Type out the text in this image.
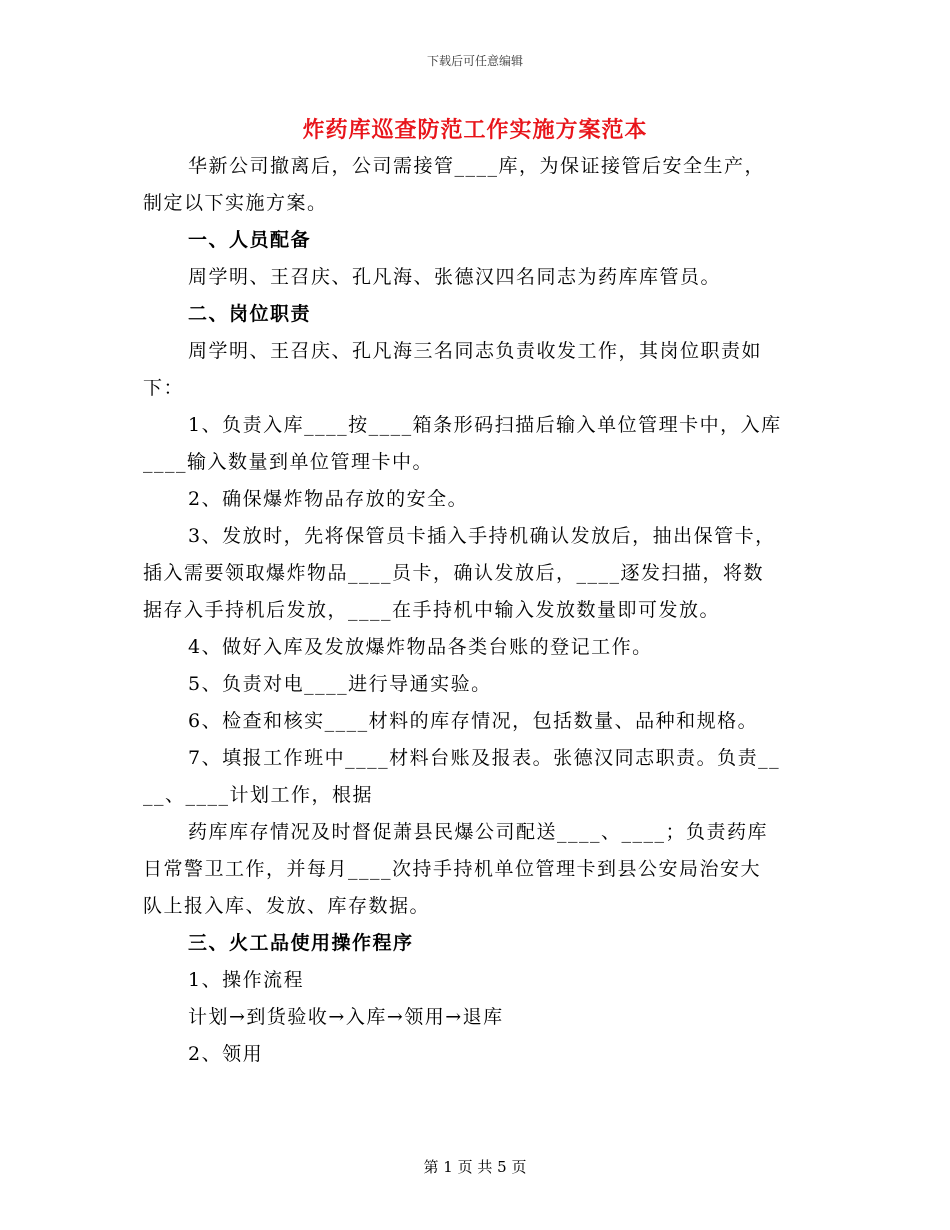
下载后可任意编辑
炸药库巡查防范工作实施方案范本

华新公司撤离后，公司需接管____库，为保证接管后安全生产，

制定以下实施方案。

一、人员配备

周学明、王召庆、孔凡海、张德汉四名同志为药库库管员。

二、岗位职责

周学明、王召庆、孔凡海三名同志负责收发工作，其岗位职责如

下：

1、负责入库____按____箱条形码扫描后输入单位管理卡中，入库

____输入数量到单位管理卡中。

2、确保爆炸物品存放的安全。

3、发放时，先将保管员卡插入手持机确认发放后，抽出保管卡，

插入需要领取爆炸物品____员卡，确认发放后，____逐发扫描，将数

据存入手持机后发放，____在手持机中输入发放数量即可发放。

4、做好入库及发放爆炸物品各类台账的登记工作。

5、负责对电____进行导通实验。

6、检查和核实____材料的库存情况，包括数量、品种和规格。

7、填报工作班中____材料台账及报表。张德汉同志职责。负责__

__、____计划工作，根据

药库库存情况及时督促萧县民爆公司配送____、____；负责药库

日常警卫工作，并每月____次持手持机单位管理卡到县公安局治安大

队上报入库、发放、库存数据。

三、火工品使用操作程序

1、操作流程

计划→到货验收→入库→领用→退库

2、领用

第 1 页 共 5 页
